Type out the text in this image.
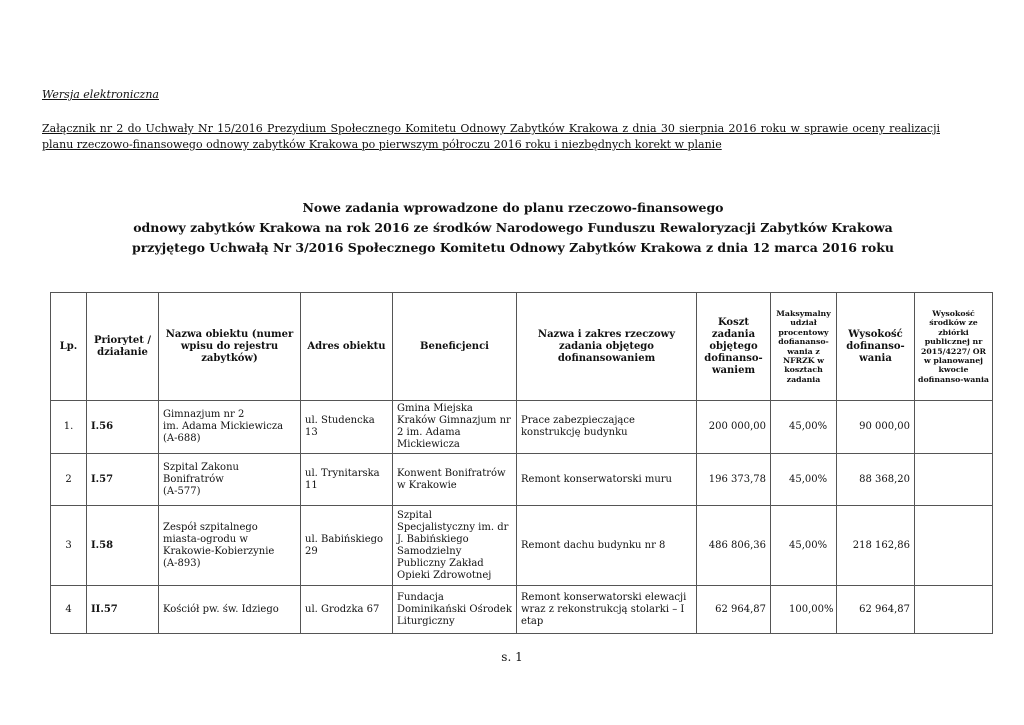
Wersja elektroniczna
Załącznik nr 2 do Uchwały Nr 15/2016 Prezydium Społecznego Komitetu Odnowy Zabytków Krakowa z dnia 30 sierpnia 2016 roku w sprawie oceny realizacji planu rzeczowo-finansowego odnowy zabytków Krakowa po pierwszym półroczu 2016 roku i niezbędnych korekt w planie
Nowe zadania wprowadzone do planu rzeczowo-finansowego
odnowy zabytków Krakowa na rok 2016 ze środków Narodowego Funduszu Rewaloryzacji Zabytków Krakowa
przyjętego Uchwałą Nr 3/2016 Społecznego Komitetu Odnowy Zabytków Krakowa z dnia 12 marca 2016 roku
Lp.	Priorytet / działanie	Nazwa obiektu (numer wpisu do rejestru zabytków)	Adres obiektu	Beneficjenci	Nazwa i zakres rzeczowy zadania objętego dofinansowaniem	Koszt zadania objętego dofinanso-waniem	Maksymalny udział procentowy dofianansо-wania z NFRZK w kosztach zadania	Wysokość dofinanso-wania	Wysokość środków ze zbiórki publicznej nr 2015/4227/ OR w planowanej kwocie dofinanso-wania
1.	I.56	Gimnazjum nr 2
im. Adama Mickiewicza
(A-688)	ul. Studencka 13	Gmina Miejska Kraków Gimnazjum nr 2 im. Adama Mickiewicza	Prace zabezpieczające konstrukcję budynku	200 000,00	45,00%	90 000,00	
2	I.57	Szpital Zakonu Bonifratrów
(A-577)	ul. Trynitarska 11	Konwent Bonifratrów w Krakowie	Remont konserwatorski muru	196 373,78	45,00%	88 368,20	
3	I.58	Zespół szpitalnego miasta-ogrodu w Krakowie-Kobierzynie
(A-893)	ul. Babińskiego 29	Szpital Specjalistyczny im. dr J. Babińskiego Samodzielny Publiczny Zakład Opieki Zdrowotnej	Remont dachu budynku nr 8	486 806,36	45,00%	218 162,86	
4	II.57	Kościół pw. św. Idziego	ul. Grodzka 67	Fundacja Dominikański Ośrodek Liturgiczny	Remont konserwatorski elewacji wraz z rekonstrukcją stolarki – I etap	62 964,87	100,00%	62 964,87	
s. 1
